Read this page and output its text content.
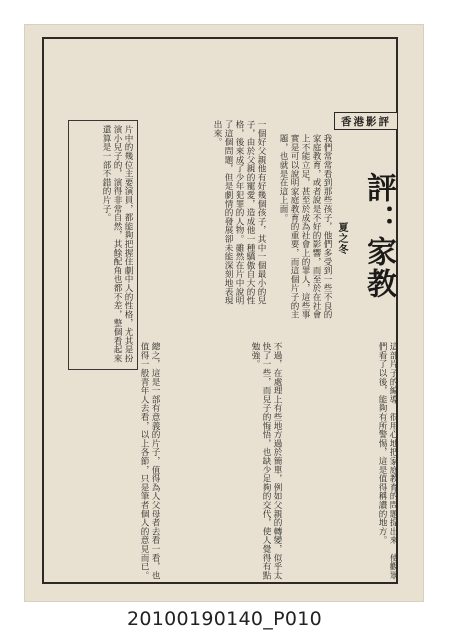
香港影評
評：家教
夏之冬
我們常常看到那些孩子，他們多受到一些不良的家庭教育，或者說是不好的影響，而至於在社會上不能立足，甚至於成為社會上的罪人，這些事實是可以說明家庭教育的重要，而這個片子的主題，也就是在這上面。
一個好父親他有好幾個孩子，其中一個最小的兒子，由於父親的寵愛，造成他一種驕傲自大的性格，後來成了少年犯罪的人物。雖然在片中說明了這個問題，但是劇情的發展卻未能深刻地表現出來。
片中的幾位主要演員，都能夠把握住劇中人的性格，尤其是扮演小兒子的，演得非常自然，其餘配角也都不差，整個看起來還算是一部不錯的片子。
這部片子的編導，很用心地把家庭教育的問題提出來，使觀眾們看了以後，能夠有所警惕，這是值得稱讚的地方。
不過，在處理上有些地方過於簡單，例如父親的轉變，似乎太快了一些，而兒子的悔悟，也缺少足夠的交代，使人覺得有點勉強。
總之，這是一部有意義的片子，值得為人父母者去看一看，也值得一般青年人去看，以上各節，只是筆者個人的意見而已。
20100190140_P010
